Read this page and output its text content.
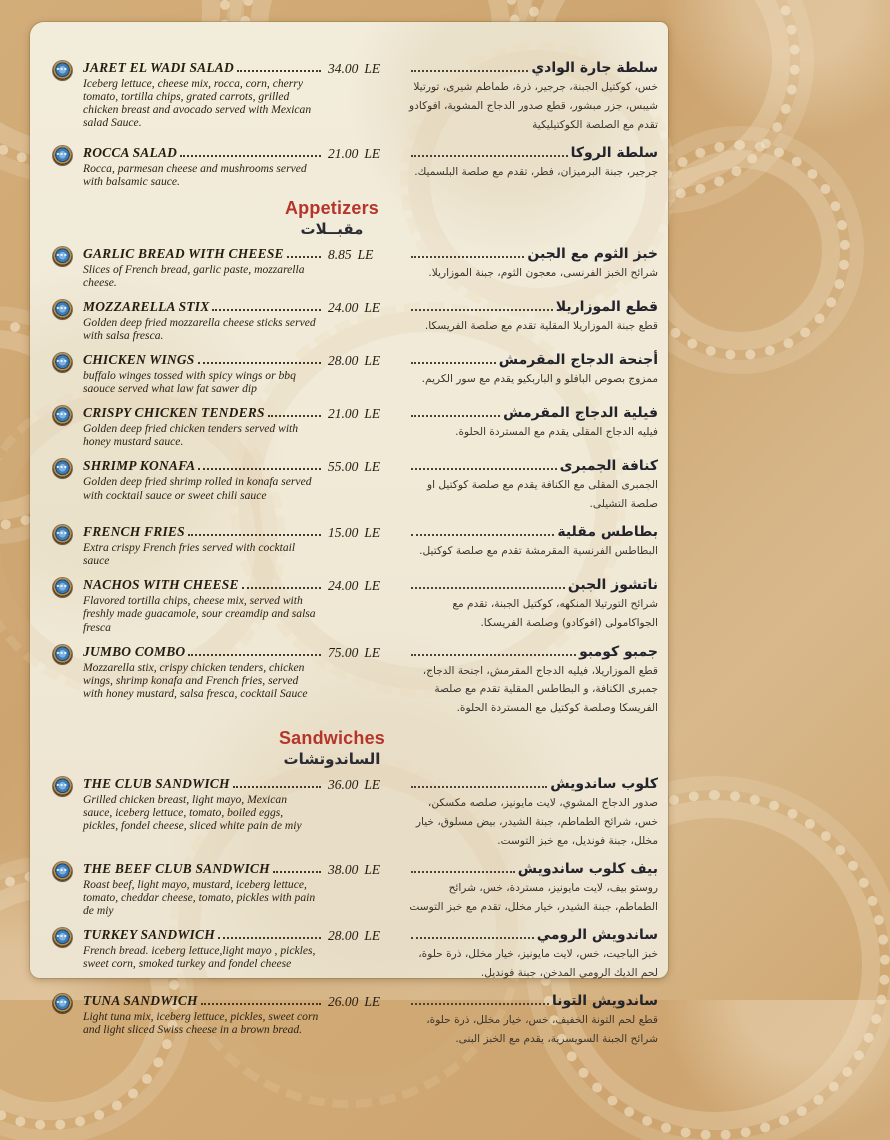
▪▪▪
JARET EL WADI SALAD
Iceberg lettuce, cheese mix, rocca, corn, cherry tomato, tortilla chips, grated carrots, grilled chicken breast and avocado served with Mexican salad Sauce.
34.00 LE	سلطة جارة الوادي
خس، كوكتيل الجبنة، جرجير، ذرة، طماطم شيرى، تورتيلا شيبس، جزر مبشور، قطع صدور الدجاج المشوية، افوكادو تقدم مع الصلصة الكوكتيليكية
▪▪▪
ROCCA SALAD
Rocca, parmesan cheese and mushrooms served with balsamic sauce.
21.00 LE	سلطة الروكا
جرجير، جبنة البرميزان، فطر، تقدم مع صلصة البلسميك.
Appetizers
مقبــلات
▪▪▪
GARLIC BREAD WITH CHEESE
Slices of French bread, garlic paste, mozzarella cheese.
8.85 LE	خبز الثوم مع الجبن
شرائح الخبز الفرنسى، معجون الثوم، جبنة الموزاريلا.
▪▪▪
MOZZARELLA STIX
Golden deep fried mozzarella cheese sticks served with salsa fresca.
24.00 LE	قطع الموزاريلا
قطع جبنة الموزاريلا المقلية تقدم مع صلصة الفريسكا.
▪▪▪
CHICKEN WINGS
buffalo winges tossed with spicy wings or bbq saouce served what law fat sawer dip
28.00 LE	أجنحة الدجاج المقرمش
ممزوج بصوص البافلو و الباربكيو يقدم مع سور الكريم.
▪▪▪
CRISPY CHICKEN TENDERS
Golden deep fried chicken tenders served with honey mustard sauce.
21.00 LE	فيلية الدجاج المقرمش
فيليه الدجاج المقلى يقدم مع المستردة الحلوة.
▪▪▪
SHRIMP KONAFA
Golden deep fried shrimp rolled in konafa served with cocktail sauce or sweet chili sauce
55.00 LE	كنافة الجمبرى
الجمبرى المقلى مع الكنافة يقدم مع صلصة كوكتيل او صلصة التشيلى.
▪▪▪
FRENCH FRIES
Extra crispy French fries served with cocktail sauce
15.00 LE	بطاطس مقلية
البطاطس الفرنسية المقرمشة تقدم مع صلصة كوكتيل.
▪▪▪
NACHOS WITH CHEESE
Flavored tortilla chips, cheese mix, served with freshly made guacamole, sour creamdip and salsa fresca
24.00 LE	ناتشوز الجبن
شرائح التورتيلا المنكهه، كوكتيل الجبنة، تقدم مع الجواكامولى (افوكادو) وصلصة الفريسكا.
▪▪▪
JUMBO COMBO
Mozzarella stix, crispy chicken tenders, chicken wings, shrimp konafa and French fries, served with honey mustard, salsa fresca, cocktail Sauce
75.00 LE	جمبو كومبو
قطع الموزاريلا، فيليه الدجاج المقرمش، اجنحة الدجاج، جمبرى الكنافة، و البطاطس المقلية تقدم مع صلصة الفريسكا وصلصة كوكتيل مع المستردة الحلوة.
Sandwiches
الساندوتشات
▪▪▪
THE CLUB SANDWICH
Grilled chicken breast, light mayo, Mexican sauce, iceberg lettuce, tomato, boiled eggs, pickles, fondel cheese, sliced white pain de miy
36.00 LE	كلوب ساندويش
صدور الدجاج المشوي، لايت مايونيز، صلصه مكسكن، خس، شرائح الطماطم، جبنة الشيدر، بيض مسلوق، خيار مخلل، جبنة فونديل، مع خبز التوست.
▪▪▪
THE BEEF CLUB SANDWICH
Roast beef, light mayo, mustard, iceberg lettuce, tomato, cheddar cheese, tomato, pickles with pain de miy
38.00 LE	بيف كلوب ساندويش
روستو بيف، لايت مايونيز، مستردة، خس، شرائح الطماطم، جبنة الشيدر، خيار مخلل، تقدم مع خبز التوست
▪▪▪
TURKEY SANDWICH
French bread. iceberg lettuce,light mayo , pickles, sweet corn, smoked turkey and fondel cheese
28.00 LE	ساندويش الرومي
خبز الباجيت، خس، لايت مايونيز، خيار مخلل، ذرة حلوة، لحم الديك الرومي المدخن، جبنة فونديل.
▪▪▪
TUNA SANDWICH
Light tuna mix, iceberg lettuce, pickles, sweet corn and light sliced Swiss cheese in a brown bread.
26.00 LE	ساندويش التونا
قطع لحم التونة الخفيف، خس، خيار مخلل، ذرة حلوة، شرائح الجبنة السويسرية، يقدم مع الخبز البنى.
